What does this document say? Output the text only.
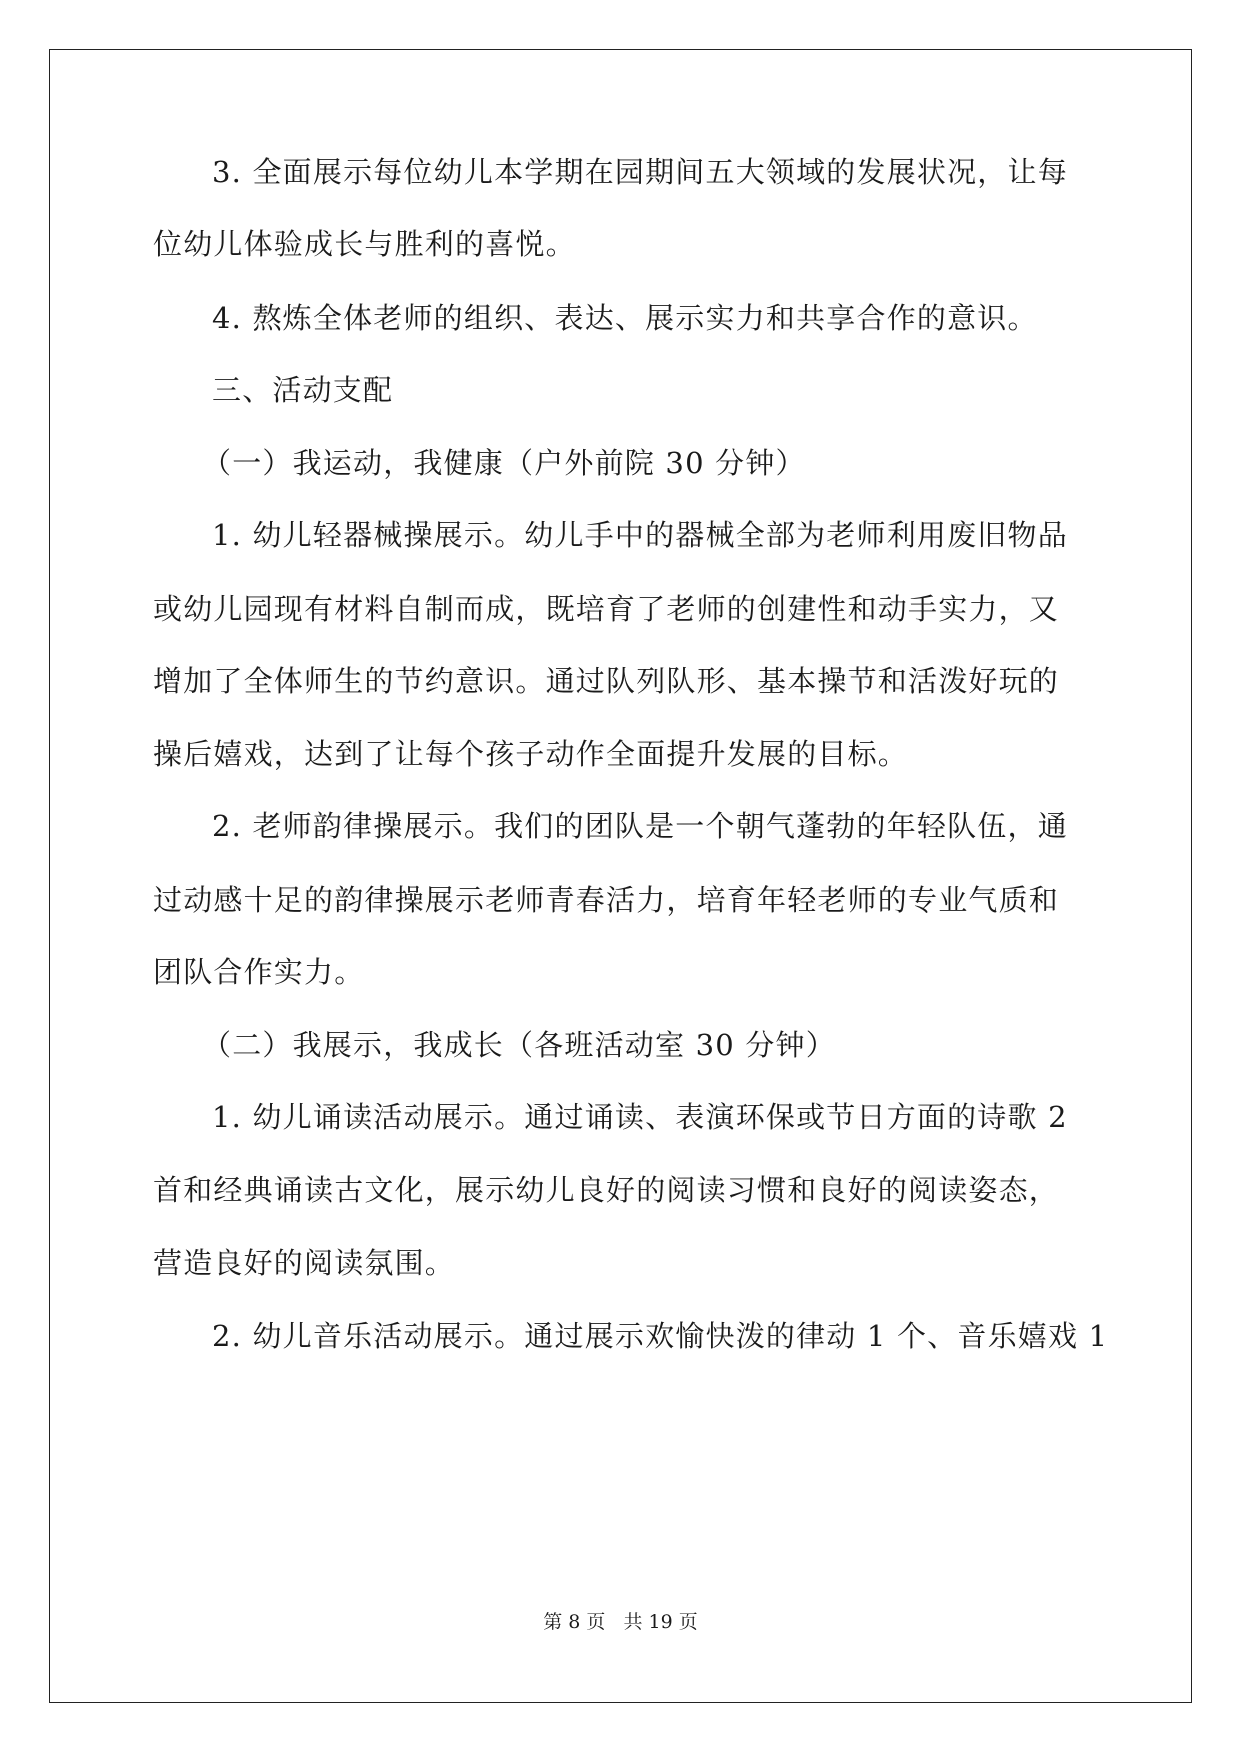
3. 全面展示每位幼儿本学期在园期间五大领域的发展状况，让每
位幼儿体验成长与胜利的喜悦。
4. 熬炼全体老师的组织、表达、展示实力和共享合作的意识。
三、活动支配
（一）我运动，我健康（户外前院 30 分钟）
1. 幼儿轻器械操展示。幼儿手中的器械全部为老师利用废旧物品
或幼儿园现有材料自制而成，既培育了老师的创建性和动手实力，又
增加了全体师生的节约意识。通过队列队形、基本操节和活泼好玩的
操后嬉戏，达到了让每个孩子动作全面提升发展的目标。
2. 老师韵律操展示。我们的团队是一个朝气蓬勃的年轻队伍，通
过动感十足的韵律操展示老师青春活力，培育年轻老师的专业气质和
团队合作实力。
（二）我展示，我成长（各班活动室 30 分钟）
1. 幼儿诵读活动展示。通过诵读、表演环保或节日方面的诗歌 2
首和经典诵读古文化，展示幼儿良好的阅读习惯和良好的阅读姿态，
营造良好的阅读氛围。
2. 幼儿音乐活动展示。通过展示欢愉快泼的律动 1 个、音乐嬉戏 1
第 8 页 共 19 页
